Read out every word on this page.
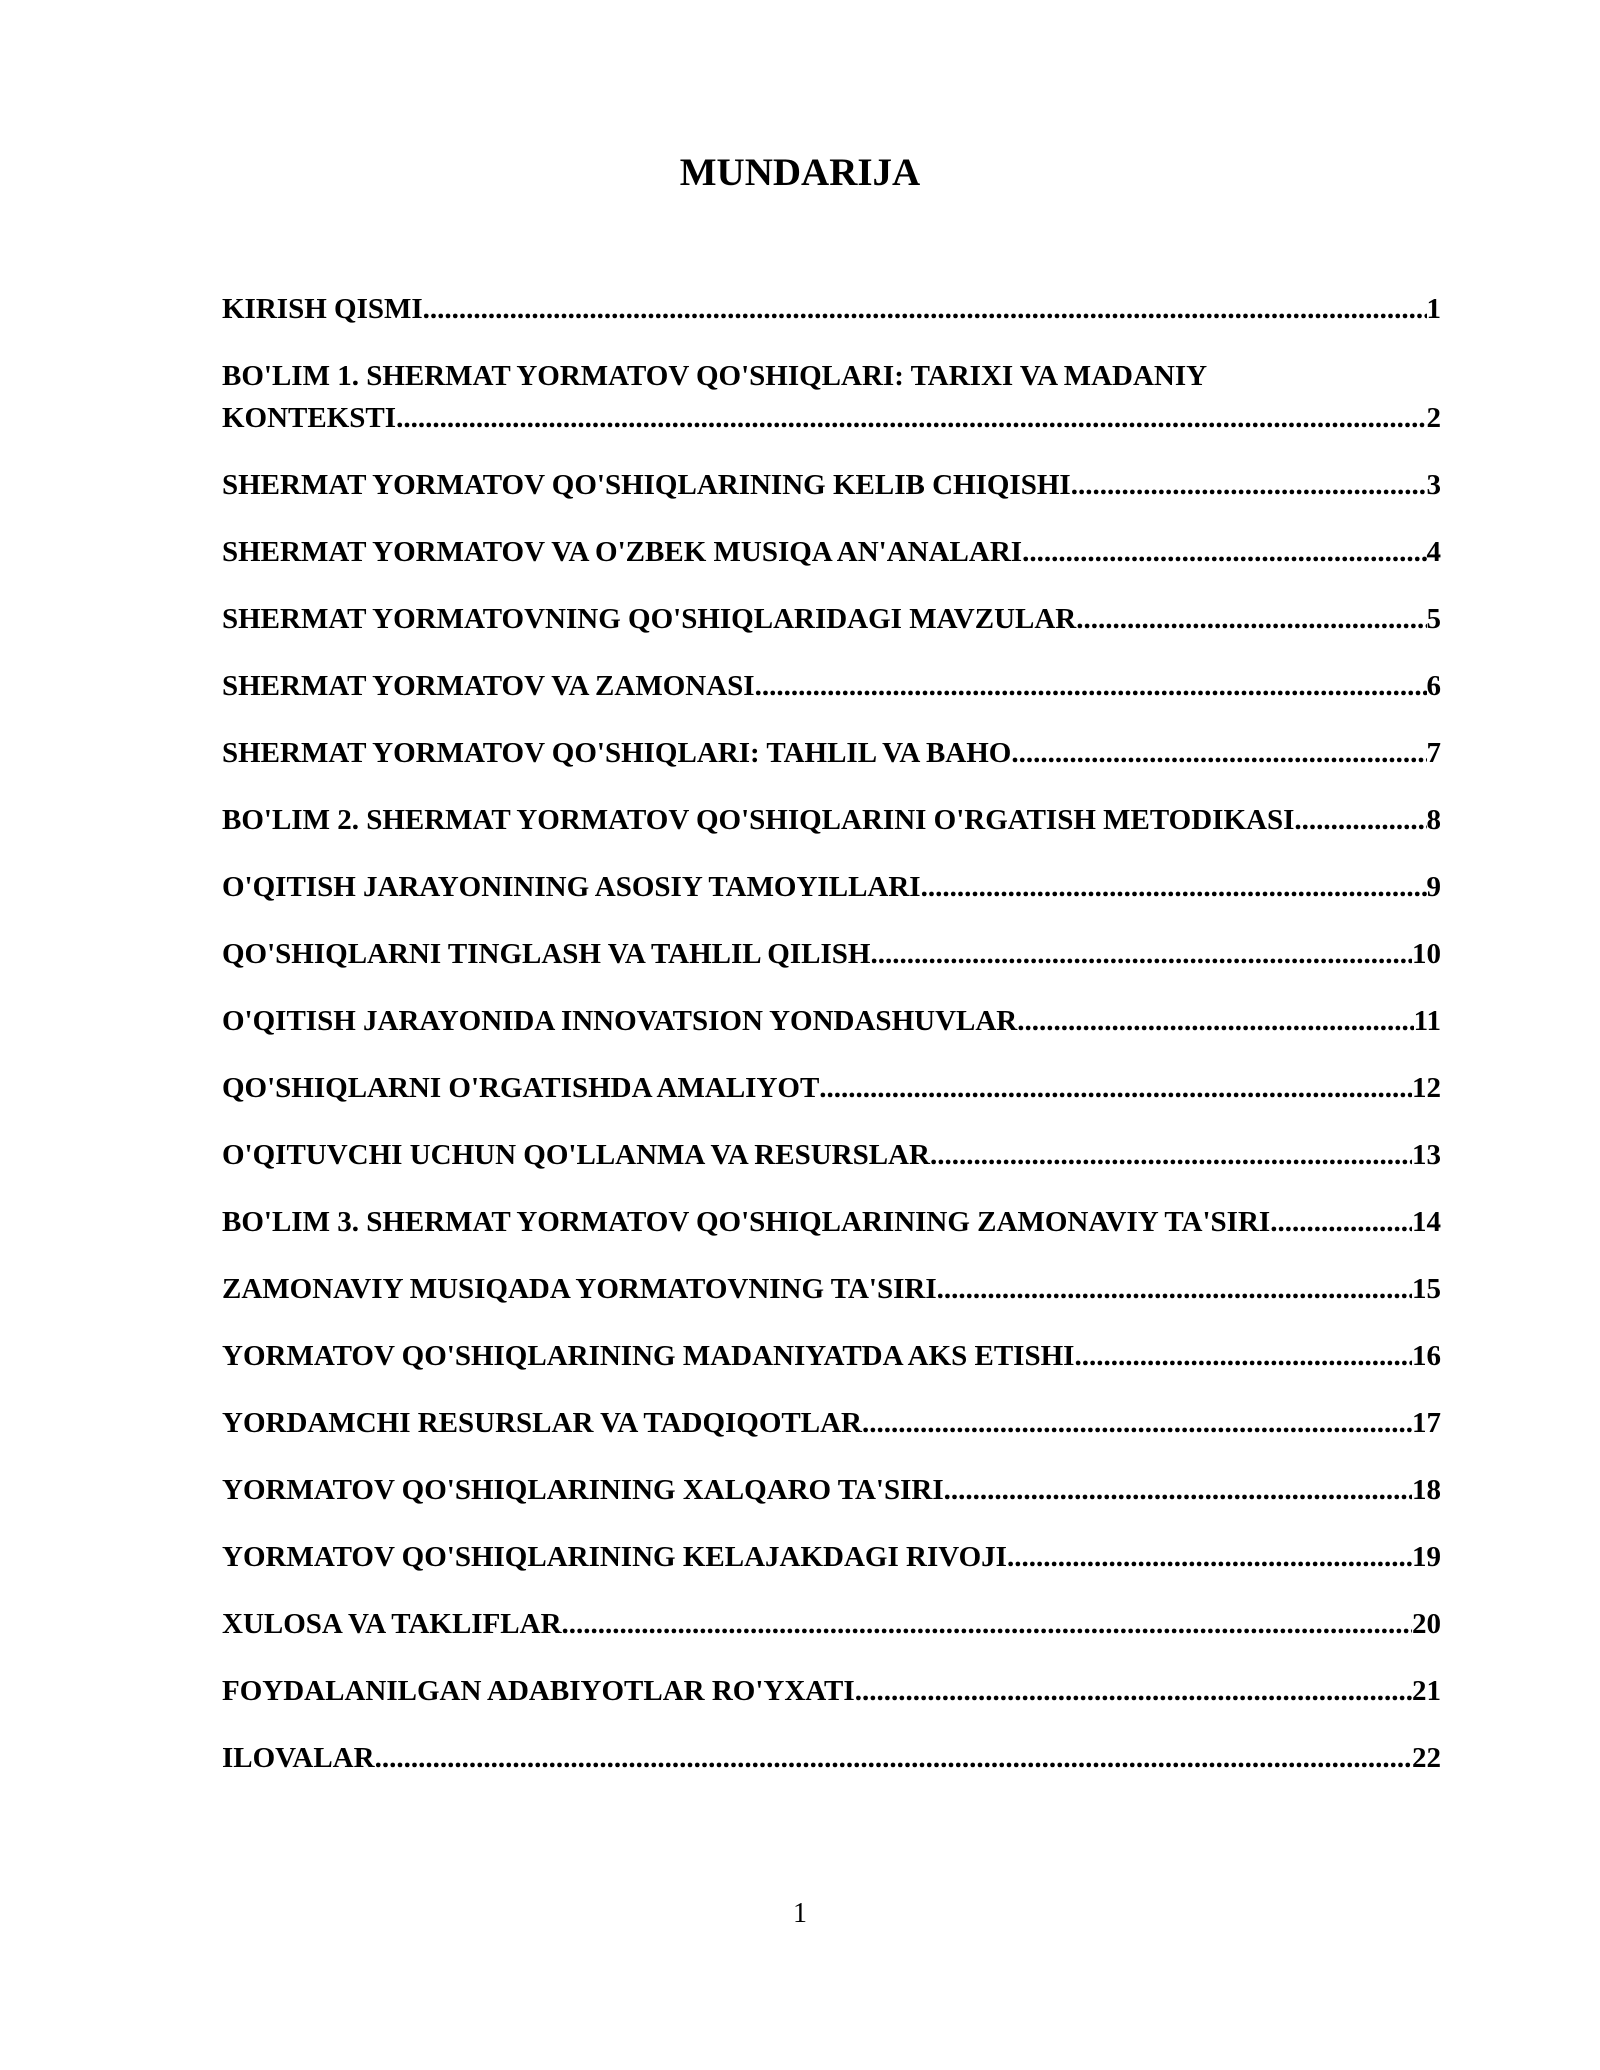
MUNDARIJA
KIRISH QISMI .....	1
BO'LIM 1. SHERMAT YORMATOV QO'SHIQLARI: TARIXI VA MADANIY
KONTEKSTI .....	2
SHERMAT YORMATOV QO'SHIQLARINING KELIB CHIQISHI .....	3
SHERMAT YORMATOV VA O'ZBEK MUSIQA AN'ANALARI .....	4
SHERMAT YORMATOVNING QO'SHIQLARIDAGI MAVZULAR .....	5
SHERMAT YORMATOV VA ZAMONASI .....	6
SHERMAT YORMATOV QO'SHIQLARI: TAHLIL VA BAHO .....	7
BO'LIM 2. SHERMAT YORMATOV QO'SHIQLARINI O'RGATISH METODIKASI .....	8
O'QITISH JARAYONINING ASOSIY TAMOYILLARI .....	9
QO'SHIQLARNI TINGLASH VA TAHLIL QILISH .....	10
O'QITISH JARAYONIDA INNOVATSION YONDASHUVLAR .....	11
QO'SHIQLARNI O'RGATISHDA AMALIYOT .....	12
O'QITUVCHI UCHUN QO'LLANMA VA RESURSLAR .....	13
BO'LIM 3. SHERMAT YORMATOV QO'SHIQLARINING ZAMONAVIY TA'SIRI .....	14
ZAMONAVIY MUSIQADA YORMATOVNING TA'SIRI .....	15
YORMATOV QO'SHIQLARINING MADANIYATDA AKS ETISHI .....	16
YORDAMCHI RESURSLAR VA TADQIQOTLAR .....	17
YORMATOV QO'SHIQLARINING XALQARO TA'SIRI .....	18
YORMATOV QO'SHIQLARINING KELAJAKDAGI RIVOJI .....	19
XULOSA VA TAKLIFLAR .....	20
FOYDALANILGAN ADABIYOTLAR RO'YXATI .....	21
ILOVALAR .....	22
1
